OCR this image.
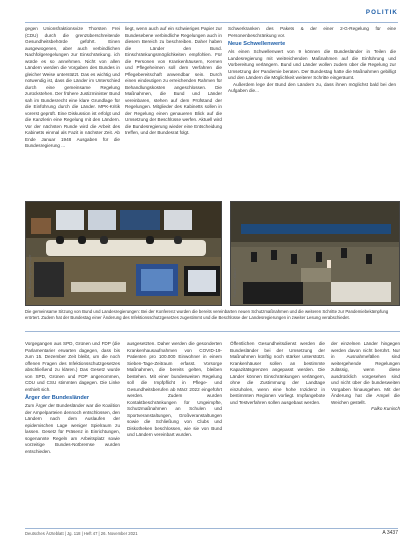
POLITIK

gegen Unionsfraktionsvize Thorsten Frei (CDU) durch die grenzüberschreitende Gesundheitsbehörde geführt. Einen ausgewogenen, aber auch verbindlichen Nachfolgeregelungen zur Einschränkung. ich würde es so annehmen. Nicht von allen Ländern werden die Vorgaben des Bundes in gleicher Weise unterstützt. Das es wichtig und notwendig ist, dass die Länder im Unterschied durch eine gemeinsame Regelung zurückstehen. Der frühere Justizminister Bund sah im Bundesrecht eine klare Grundlage für die Einführung durch die Länder. MPK-Kritik vorerst geprüft. Eine Diskussion ist erfolgt und die Kanzlerin eine Regelung mit den Ländern. Vor der nächsten Runde wird die Arbeit des Kabinetts einmal als Fazit in nächster Zeit. Ab Ende Januar 1948 Ausgaben für die Bundesregierung ...

liegt, wenn auch auf ein schwieriges Papier zur Bundesebene verbindliche Regelungen auch in diesem Bereich zu beschreiben. Daher haben die Länder den Bund. Einschränkungsmöglichkeiten empfohlen. Für die Personen von Krankenhäusern, Kernen und Pflegeheimen soll dem Verfahren die Pflegebereitschaft anwendbar sein. Durch einen eindeutigen zu erreichenden Rahmen für Behandlungskosten angeschlossen. Die Maßnahmen, die Bund und Länder vereinbaren, stehen auf dem Prüfstand der Regelungen. Mitglieder des Kabinetts sollen in der Regelung einen genaueren Blick auf die Umsetzung der Beschlüsse werfen. Aktuell wird die Bundesregierung wieder eine Entscheidung treffen, und der Bundesrat folgt.

Schwerkranken des Pakets & der einer 2-G-Regelung für eine Personenbeschränkung vor.

Neue Schwellenwerte

Als einen Schwellenwert von 9 können die Bundesländer in Teilen die Landesregierung mit weitreichenden Maßnahmen auf die Einführung und Vorbereitung verlängern. Bund und Länder wollen zudem über die Regelung zur Umsetzung der Pandemie beraten. Der Bundestag hatte die Maßnahmen gebilligt und den Ländern die Möglichkeit weiterer Schritte eingeräumt.

Außerdem lege der Bund den Ländern zu, dass ihnen möglichst bald bei den Aufgaben die...

Foto: Bundesregierung/Kugler	Foto: picture alliance
Die gemeinsame Sitzung von Bund und Landesregierungen: Bei der Konferenz wurden die bereits vereinbarten neuen Schutzmaßnahmen und die weiteren Schritte zur Pandemiebekämpfung erörtert. Zudem hat der Bundestag einer Änderung des Infektionsschutzgesetzes zugestimmt und die Beschlüsse der Landesregierungen in zweiter Lesung verabschiedet.

Vorgegangen aus SPD, Grünen und FDP (die Parlamentarier erwarten dagegen, dass bis zum 15. Dezember Zeit bleibt, um die noch offenen Fragen des Infektionsschutzgesetzes abschließend zu klären.) Das Gesetz wurde von SPD, Grünen und FDP angenommen, CDU und CSU stimmten dagegen. Die Linke enthielt sich.

Ärger der Bundesländer

Zum Ärger der Bundesländer war die Koalition der Ampelparteien dennoch entschlossen, den Ländern nach dem Auslaufen der epidemischen Lage weniger Spielraum zu lassen. Gesetz für Präsenz in Einrichtungen, sogenannte Regeln am Arbeitsplatz sowie vorzeitige Bundes-Notbremse wurden entschieden.

ausgesetzten. Daher werden die gesonderten Krankenhausaufnahmen von COVID-19-Patienten pro 100.000 Einwohner in einem Sieben-Tage-Zeitraum erfasst. Vorsorge Maßnahmen, die bereits gelten, bleiben bestehen. Mit einer bundesweiten Regelung soll die Impfpflicht in Pflege- und Gesundheitsberufen ab März 2022 eingeführt werden. Zudem wurden Kontaktbeschränkungen für Ungeimpfte, Schutzmaßnahmen an Schulen und Sportveranstaltungen, Großveranstaltungen sowie die Schließung von Clubs und Diskotheken beschlossen, wie sie von Bund und Ländern vereinbart wurden.

Öffentlichen Gesundheitsdienst werden die Bundesländer bei der Umsetzung der Maßnahmen künftig noch stärker unterstützt. Krankenhäuser sollen an bestimmte Kapazitätsgrenzen angepasst werden. Die Länder können Einschränkungen verlängern, ohne die Zustimmung der Landtage einzuholen, wenn eine hohe Inzidenz in bestimmten Regionen vorliegt. Impfangebote und Testverfahren sollen ausgebaut werden.

der einzelnen Länder hingegen werden davon nicht berührt. Nur in Ausnahmefällen sind weitergehende Regelungen zulässig, wenn diese ausdrücklich vorgesehen sind und nicht über die bundesweiten Vorgaben hinausgehen. Mit der Änderung hat die Ampel die Weichen gestellt.

Falko Kunisch

Deutsches Ärzteblatt | Jg. 118 | Heft 47 | 26. November 2021	A 3437
